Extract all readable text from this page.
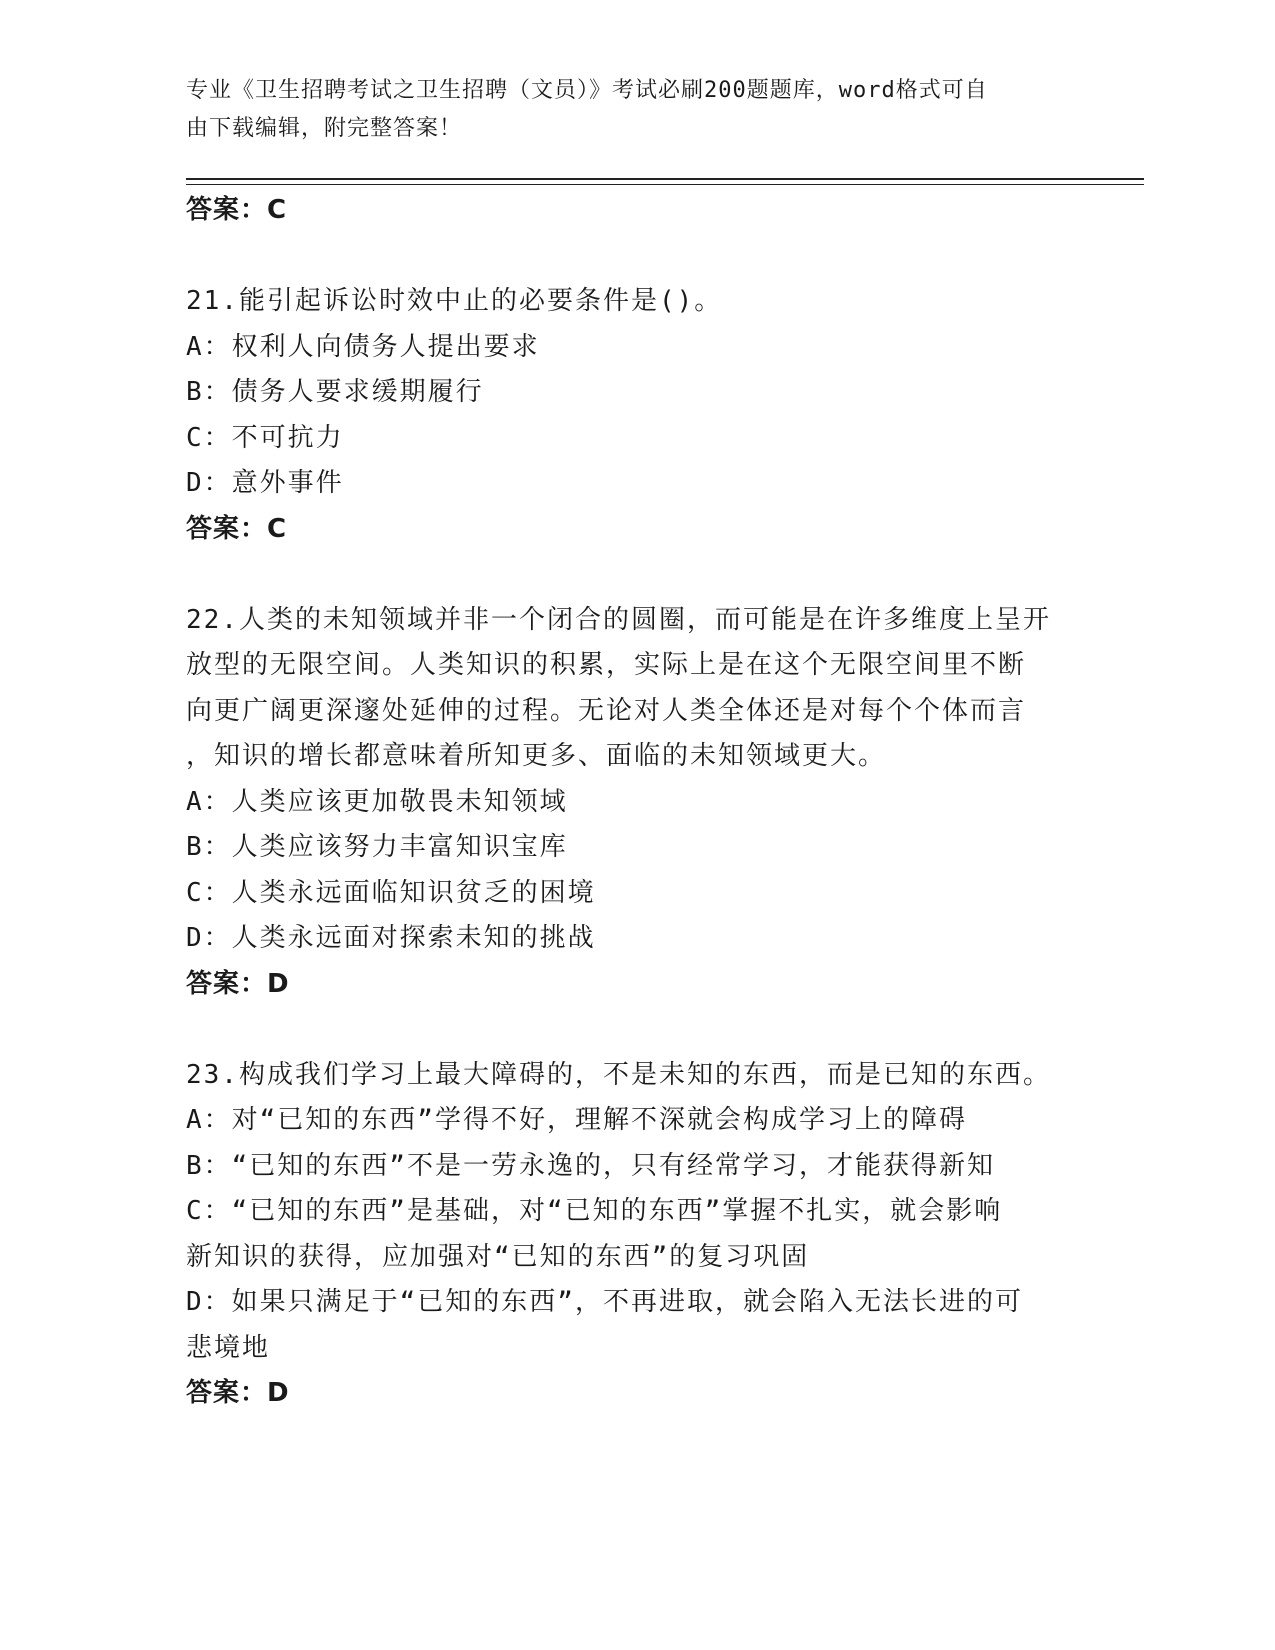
专业《卫生招聘考试之卫生招聘（文员）》考试必刷200题题库，word格式可自
由下载编辑，附完整答案！
答案：C
21.能引起诉讼时效中止的必要条件是()。
A：权利人向债务人提出要求
B：债务人要求缓期履行
C：不可抗力
D：意外事件
答案：C
22.人类的未知领域并非一个闭合的圆圈，而可能是在许多维度上呈开
放型的无限空间。人类知识的积累，实际上是在这个无限空间里不断
向更广阔更深邃处延伸的过程。无论对人类全体还是对每个个体而言
，知识的增长都意味着所知更多、面临的未知领域更大。
A：人类应该更加敬畏未知领域
B：人类应该努力丰富知识宝库
C：人类永远面临知识贫乏的困境
D：人类永远面对探索未知的挑战
答案：D
23.构成我们学习上最大障碍的，不是未知的东西，而是已知的东西。
A：对“已知的东西”学得不好，理解不深就会构成学习上的障碍
B：“已知的东西”不是一劳永逸的，只有经常学习，才能获得新知
C：“已知的东西”是基础，对“已知的东西”掌握不扎实，就会影响
新知识的获得，应加强对“已知的东西”的复习巩固
D：如果只满足于“已知的东西”，不再进取，就会陷入无法长进的可
悲境地
答案：D
